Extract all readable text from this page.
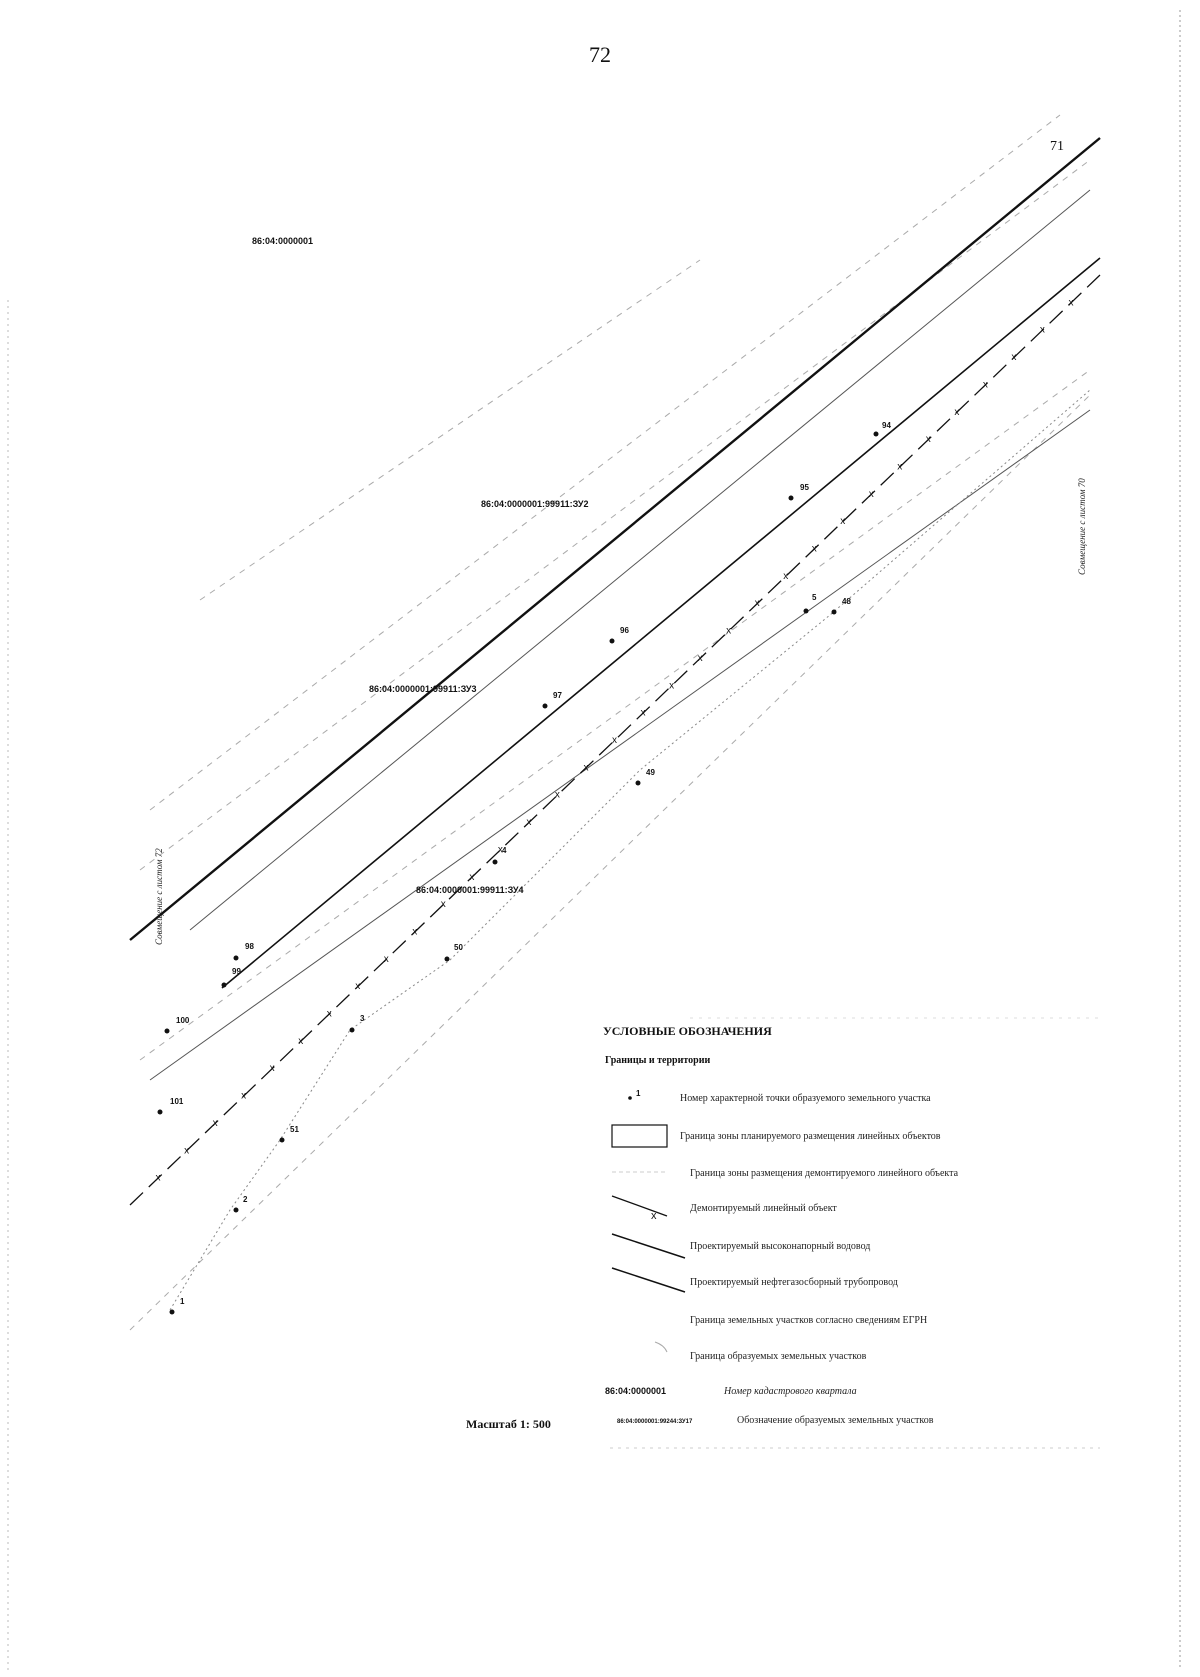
72
x
x
x
x
x
x
x
x
x
x
x
x
x
x
x
x
x
x
x
x
x
x
x
x
x
x
x
x
x
x
x
x
x
71
86:04:0000001
86:04:0000001:99911:ЗУ2
86:04:0000001:99911:ЗУ3
86:04:0000001:99911:ЗУ4
Совмещение с листом 70
Совмещение с листом 72
94
95
96
97
98
99
100
101
5	48
49
4
50
3
51
2
1
УСЛОВНЫЕ ОБОЗНАЧЕНИЯ
Границы и территории
1	Номер характерной точки образуемого земельного участка
Граница зоны планируемого размещения линейных объектов
Граница зоны размещения демонтируемого линейного объекта
x
Демонтируемый линейный объект
Проектируемый высоконапорный водовод
Проектируемый нефтегазосборный трубопровод
Граница земельных участков согласно сведениям ЕГРН
Граница образуемых земельных участков
86:04:0000001	Номер кадастрового квартала
86:04:0000001:99244:ЗУ17	Обозначение образуемых земельных участков
Масштаб 1: 500
